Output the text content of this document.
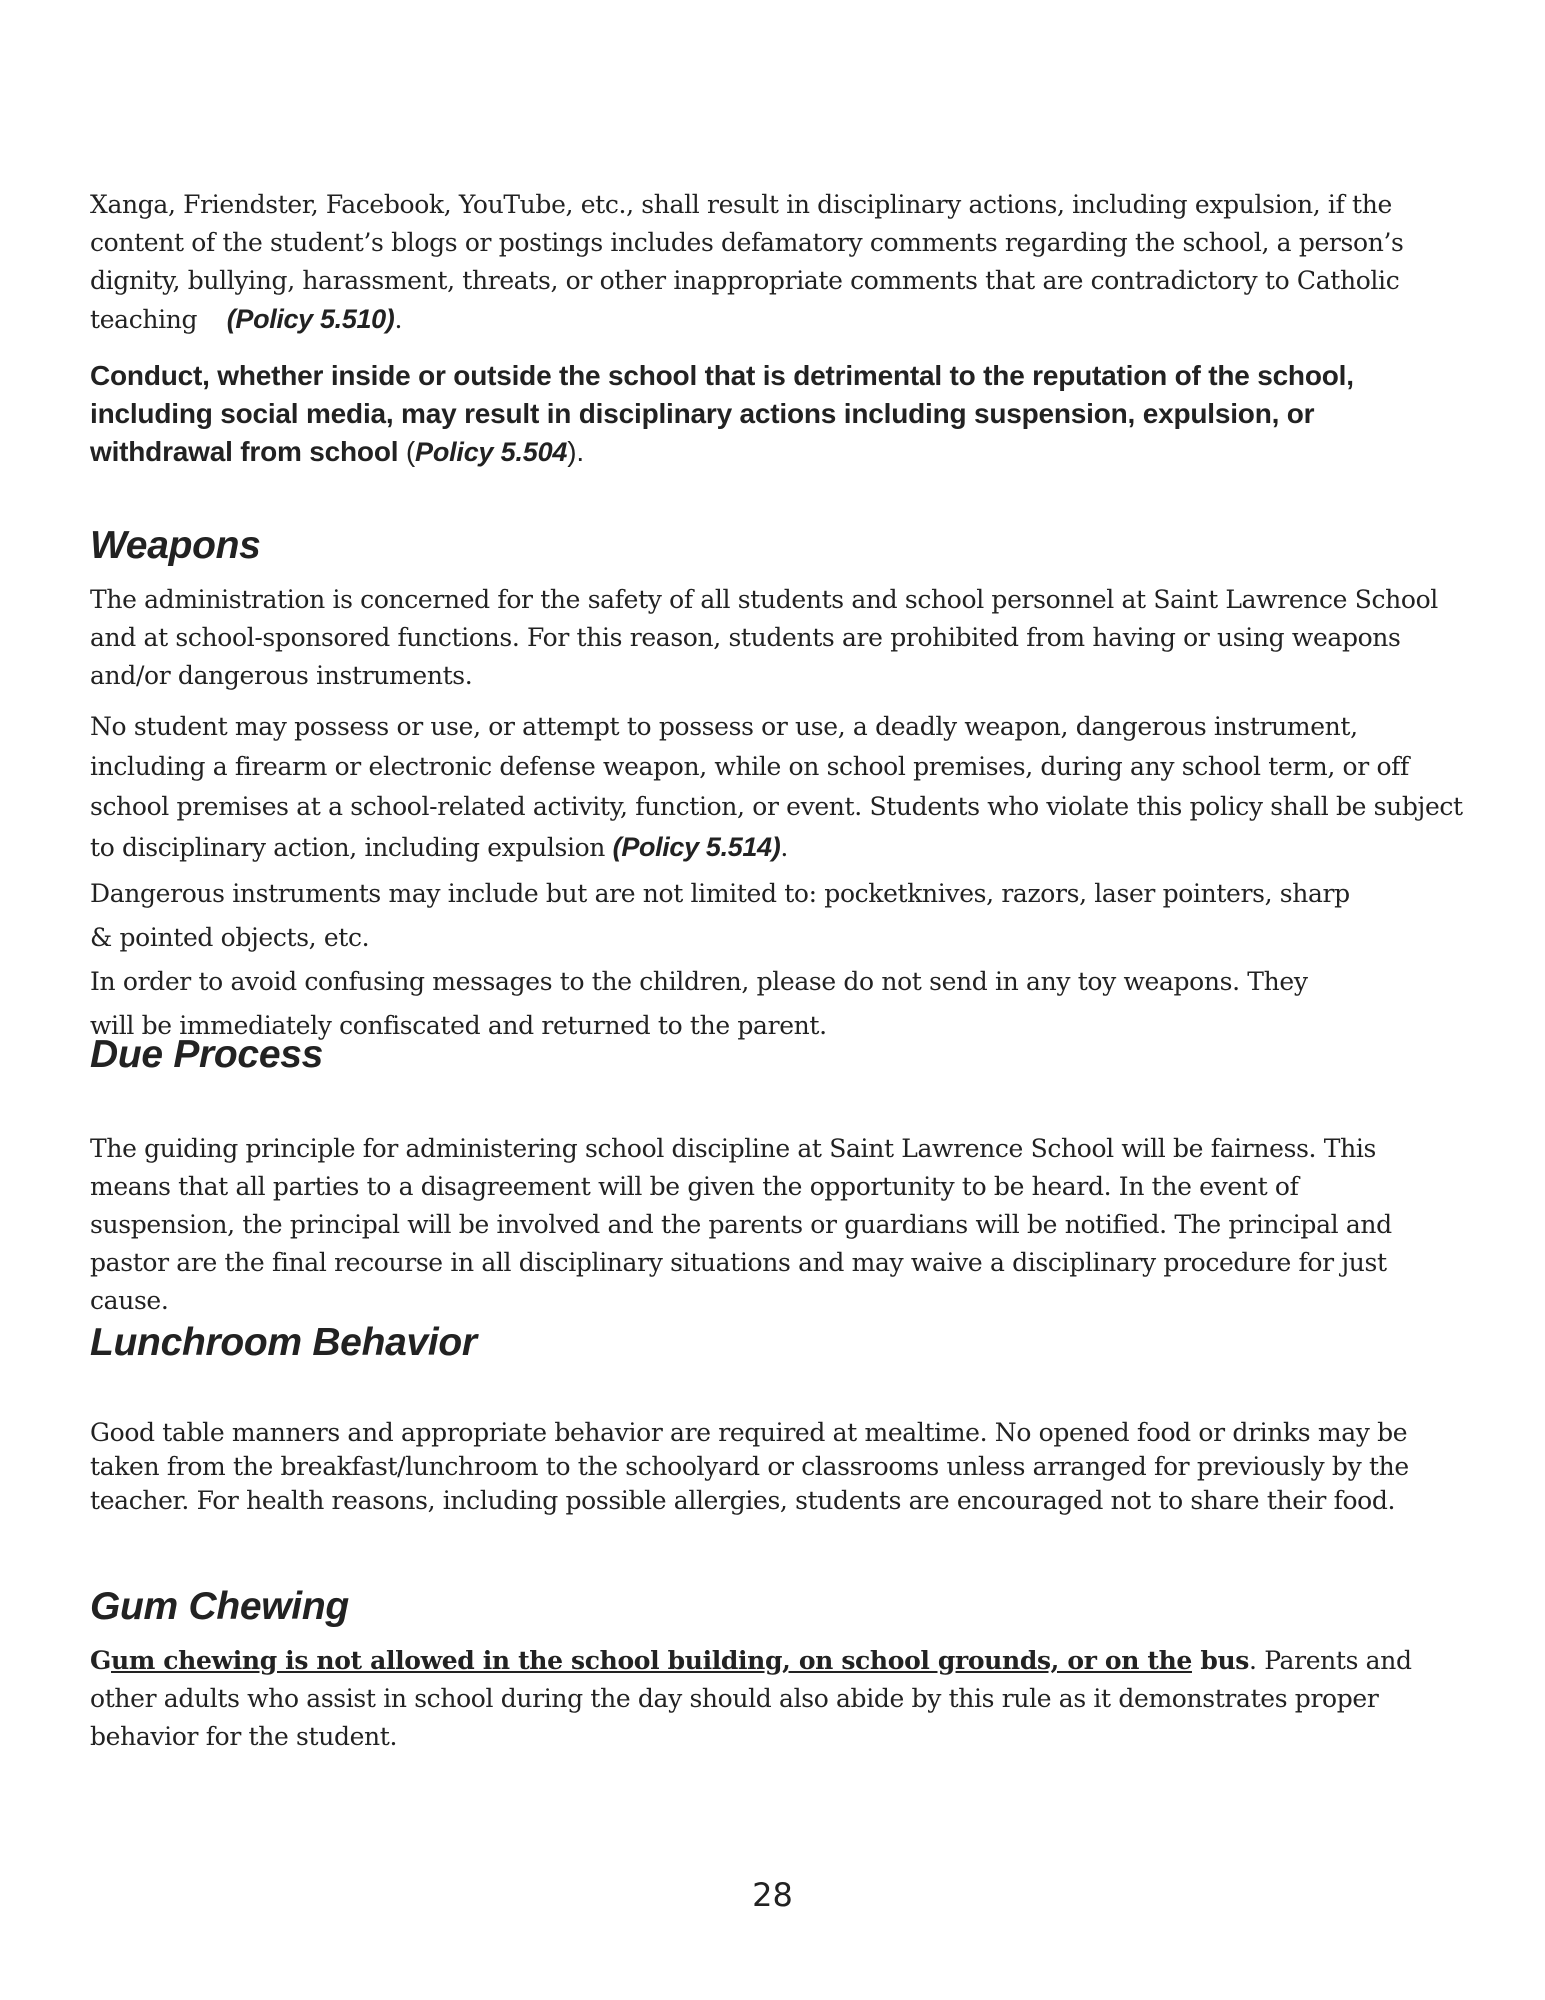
Xanga, Friendster, Facebook, YouTube, etc., shall result in disciplinary actions, including expulsion, if the content of the student’s blogs or postings includes defamatory comments regarding the school, a person’s dignity, bullying, harassment, threats, or other inappropriate comments that are contradictory to Catholic teaching (Policy 5.510).

Conduct, whether inside or outside the school that is detrimental to the reputation of the school, including social media, may result in disciplinary actions including suspension, expulsion, or withdrawal from school (Policy 5.504).

Weapons

The administration is concerned for the safety of all students and school personnel at Saint Lawrence School and at school-sponsored functions. For this reason, students are prohibited from having or using weapons and/or dangerous instruments.

No student may possess or use, or attempt to possess or use, a deadly weapon, dangerous instrument, including a firearm or electronic defense weapon, while on school premises, during any school term, or off school premises at a school-related activity, function, or event. Students who violate this policy shall be subject to disciplinary action, including expulsion (Policy 5.514).

Dangerous instruments may include but are not limited to: pocketknives, razors, laser pointers, sharp & pointed objects, etc.

In order to avoid confusing messages to the children, please do not send in any toy weapons. They will be immediately confiscated and returned to the parent.

Due Process

The guiding principle for administering school discipline at Saint Lawrence School will be fairness. This means that all parties to a disagreement will be given the opportunity to be heard. In the event of suspension, the principal will be involved and the parents or guardians will be notified. The principal and pastor are the final recourse in all disciplinary situations and may waive a disciplinary procedure for just cause.

Lunchroom Behavior

Good table manners and appropriate behavior are required at mealtime. No opened food or drinks may be taken from the breakfast/lunchroom to the schoolyard or classrooms unless arranged for previously by the teacher. For health reasons, including possible allergies, students are encouraged not to share their food.

Gum Chewing

Gum chewing is not allowed in the school building, on school grounds, or on the bus. Parents and other adults who assist in school during the day should also abide by this rule as it demonstrates proper behavior for the student.

28
